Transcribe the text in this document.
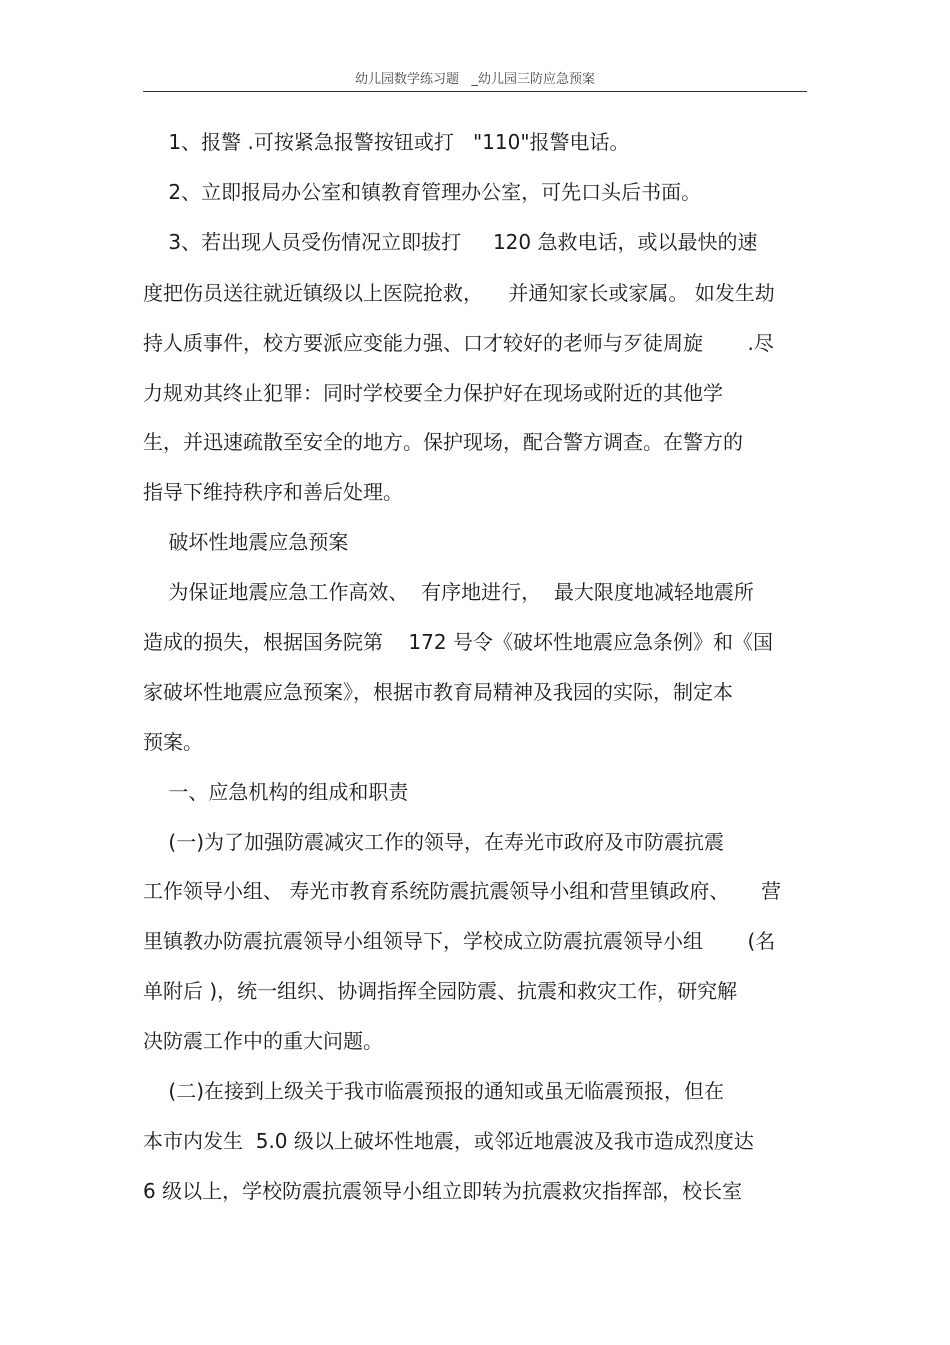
幼儿园数学练习题   _幼儿园三防应急预案
1、报警 .可按紧急报警按钮或打   "110"报警电话。
2、立即报局办公室和镇教育管理办公室，可先口头后书面。
3、若出现人员受伤情况立即拔打     120 急救电话，或以最快的速
度把伤员送往就近镇级以上医院抢救，    并通知家长或家属。 如发生劫
持人质事件，校方要派应变能力强、口才较好的老师与歹徒周旋       .尽
力规劝其终止犯罪：同时学校要全力保护好在现场或附近的其他学
生，并迅速疏散至安全的地方。保护现场，配合警方调查。在警方的
指导下维持秩序和善后处理。
破坏性地震应急预案
为保证地震应急工作高效、  有序地进行，  最大限度地减轻地震所
造成的损失，根据国务院第    172 号令《破坏性地震应急条例》和《国
家破坏性地震应急预案》，根据市教育局精神及我园的实际，制定本
预案。
一、应急机构的组成和职责
(一)为了加强防震减灾工作的领导，在寿光市政府及市防震抗震
工作领导小组、 寿光市教育系统防震抗震领导小组和营里镇政府、     营
里镇教办防震抗震领导小组领导下，学校成立防震抗震领导小组       (名
单附后 )，统一组织、协调指挥全园防震、抗震和救灾工作，研究解
决防震工作中的重大问题。
(二)在接到上级关于我市临震预报的通知或虽无临震预报，但在
本市内发生  5.0 级以上破坏性地震，或邻近地震波及我市造成烈度达
6 级以上，学校防震抗震领导小组立即转为抗震救灾指挥部，校长室
